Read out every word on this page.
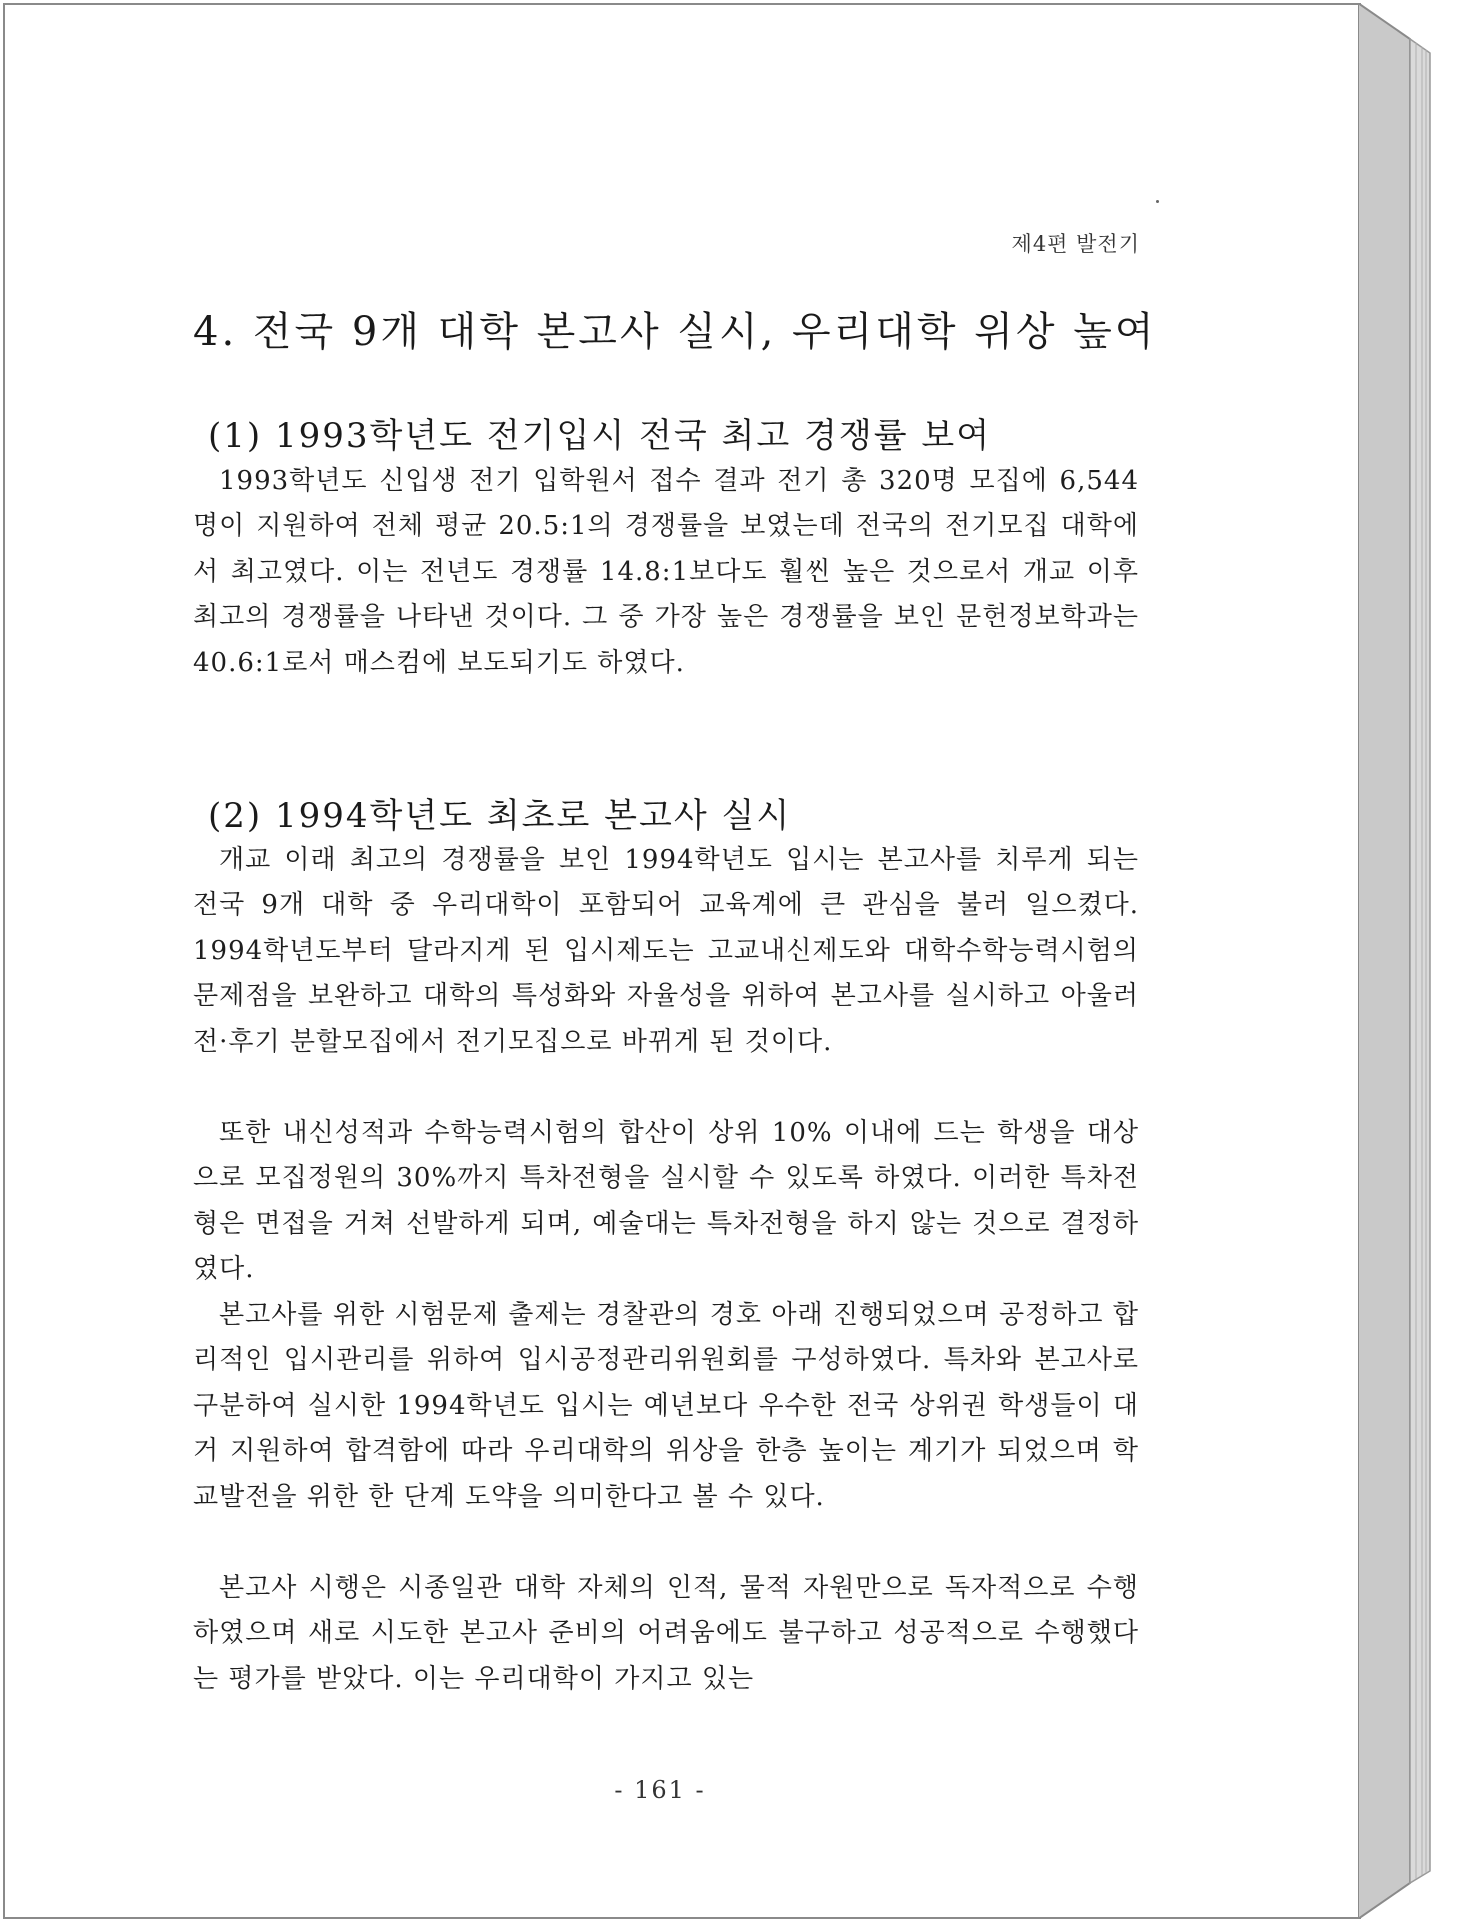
제4편 발전기
4. 전국 9개 대학 본고사 실시, 우리대학 위상 높여
(1) 1993학년도 전기입시 전국 최고 경쟁률 보여

1993학년도 신입생 전기 입학원서 접수 결과 전기 총 320명 모집에 6,544명이 지원하여 전체 평균 20.5:1의 경쟁률을 보였는데 전국의 전기모집 대학에서 최고였다. 이는 전년도 경쟁률 14.8:1보다도 훨씬 높은 것으로서 개교 이후 최고의 경쟁률을 나타낸 것이다. 그 중 가장 높은 경쟁률을 보인 문헌정보학과는 40.6:1로서 매스컴에 보도되기도 하였다.

(2) 1994학년도 최초로 본고사 실시

개교 이래 최고의 경쟁률을 보인 1994학년도 입시는 본고사를 치루게 되는 전국 9개 대학 중 우리대학이 포함되어 교육계에 큰 관심을 불러 일으켰다. 1994학년도부터 달라지게 된 입시제도는 고교내신제도와 대학수학능력시험의 문제점을 보완하고 대학의 특성화와 자율성을 위하여 본고사를 실시하고 아울러 전·후기 분할모집에서 전기모집으로 바뀌게 된 것이다.

또한 내신성적과 수학능력시험의 합산이 상위 10% 이내에 드는 학생을 대상으로 모집정원의 30%까지 특차전형을 실시할 수 있도록 하였다. 이러한 특차전형은 면접을 거쳐 선발하게 되며, 예술대는 특차전형을 하지 않는 것으로 결정하였다.

본고사를 위한 시험문제 출제는 경찰관의 경호 아래 진행되었으며 공정하고 합리적인 입시관리를 위하여 입시공정관리위원회를 구성하였다. 특차와 본고사로 구분하여 실시한 1994학년도 입시는 예년보다 우수한 전국 상위권 학생들이 대거 지원하여 합격함에 따라 우리대학의 위상을 한층 높이는 계기가 되었으며 학교발전을 위한 한 단계 도약을 의미한다고 볼 수 있다.

본고사 시행은 시종일관 대학 자체의 인적, 물적 자원만으로 독자적으로 수행하였으며 새로 시도한 본고사 준비의 어려움에도 불구하고 성공적으로 수행했다는 평가를 받았다. 이는 우리대학이 가지고 있는

- 161 -
